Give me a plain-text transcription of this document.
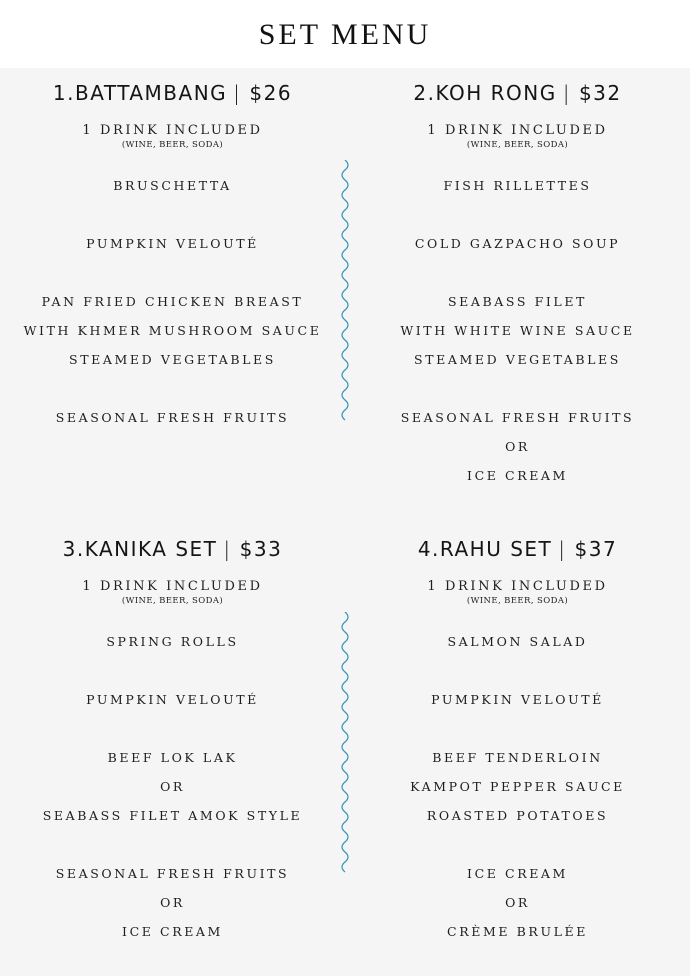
SET MENU
1.BATTAMBANG | $26
1 DRINK INCLUDED
(WINE, BEER, SODA)
BRUSCHETTA
PUMPKIN VELOUTÉ
PAN FRIED CHICKEN BREAST
WITH KHMER MUSHROOM SAUCE
STEAMED VEGETABLES
SEASONAL FRESH FRUITS
2.KOH RONG | $32
1 DRINK INCLUDED
(WINE, BEER, SODA)
FISH RILLETTES
COLD GAZPACHO SOUP
SEABASS FILET
WITH WHITE WINE SAUCE
STEAMED VEGETABLES
SEASONAL FRESH FRUITS
OR
ICE CREAM
3.KANIKA SET | $33
1 DRINK INCLUDED
(WINE, BEER, SODA)
SPRING ROLLS
PUMPKIN VELOUTÉ
BEEF LOK LAK
OR
SEABASS FILET AMOK STYLE
SEASONAL FRESH FRUITS
OR
ICE CREAM
4.RAHU SET | $37
1 DRINK INCLUDED
(WINE, BEER, SODA)
SALMON SALAD
PUMPKIN VELOUTÉ
BEEF TENDERLOIN
KAMPOT PEPPER SAUCE
ROASTED POTATOES
ICE CREAM
OR
CRÈME BRULÉE
